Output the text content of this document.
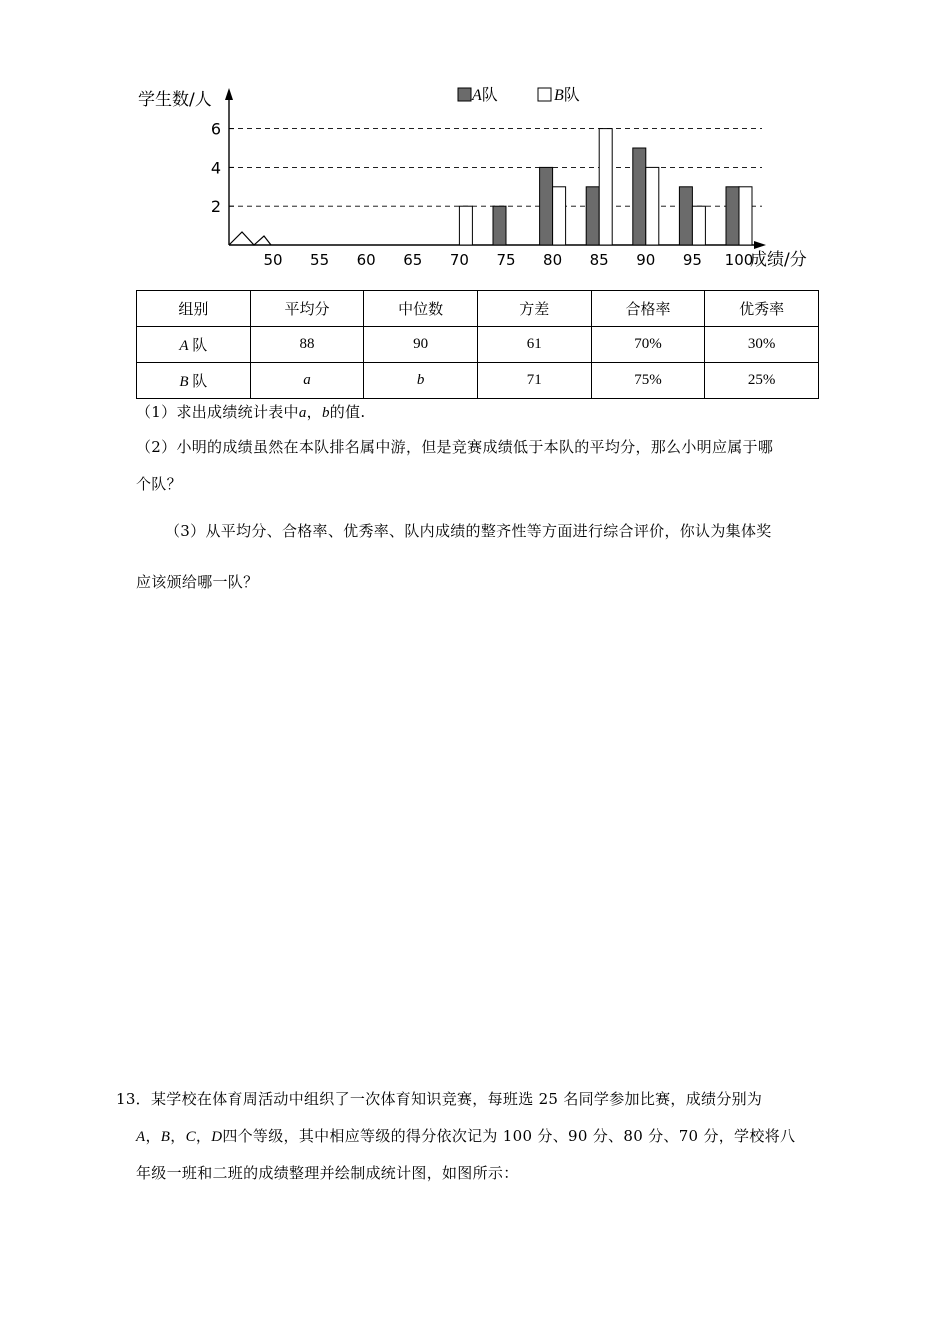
学生数/人
成绩/分
A队	B队
2
4
6
50 55 60 65 70 75 80 85 90 95 100
组别	平均分	中位数	方差	合格率	优秀率
A 队	88	90	61	70%	30%
B 队	a	b	71	75%	25%
（1）求出成绩统计表中a，b的值.
（2）小明的成绩虽然在本队排名属中游，但是竞赛成绩低于本队的平均分，那么小明应属于哪
个队？
（3）从平均分、合格率、优秀率、队内成绩的整齐性等方面进行综合评价，你认为集体奖
应该颁给哪一队？
13．某学校在体育周活动中组织了一次体育知识竞赛，每班选 25 名同学参加比赛，成绩分别为
A，B，C，D四个等级，其中相应等级的得分依次记为 100 分、90 分、80 分、70 分，学校将八
年级一班和二班的成绩整理并绘制成统计图，如图所示：
